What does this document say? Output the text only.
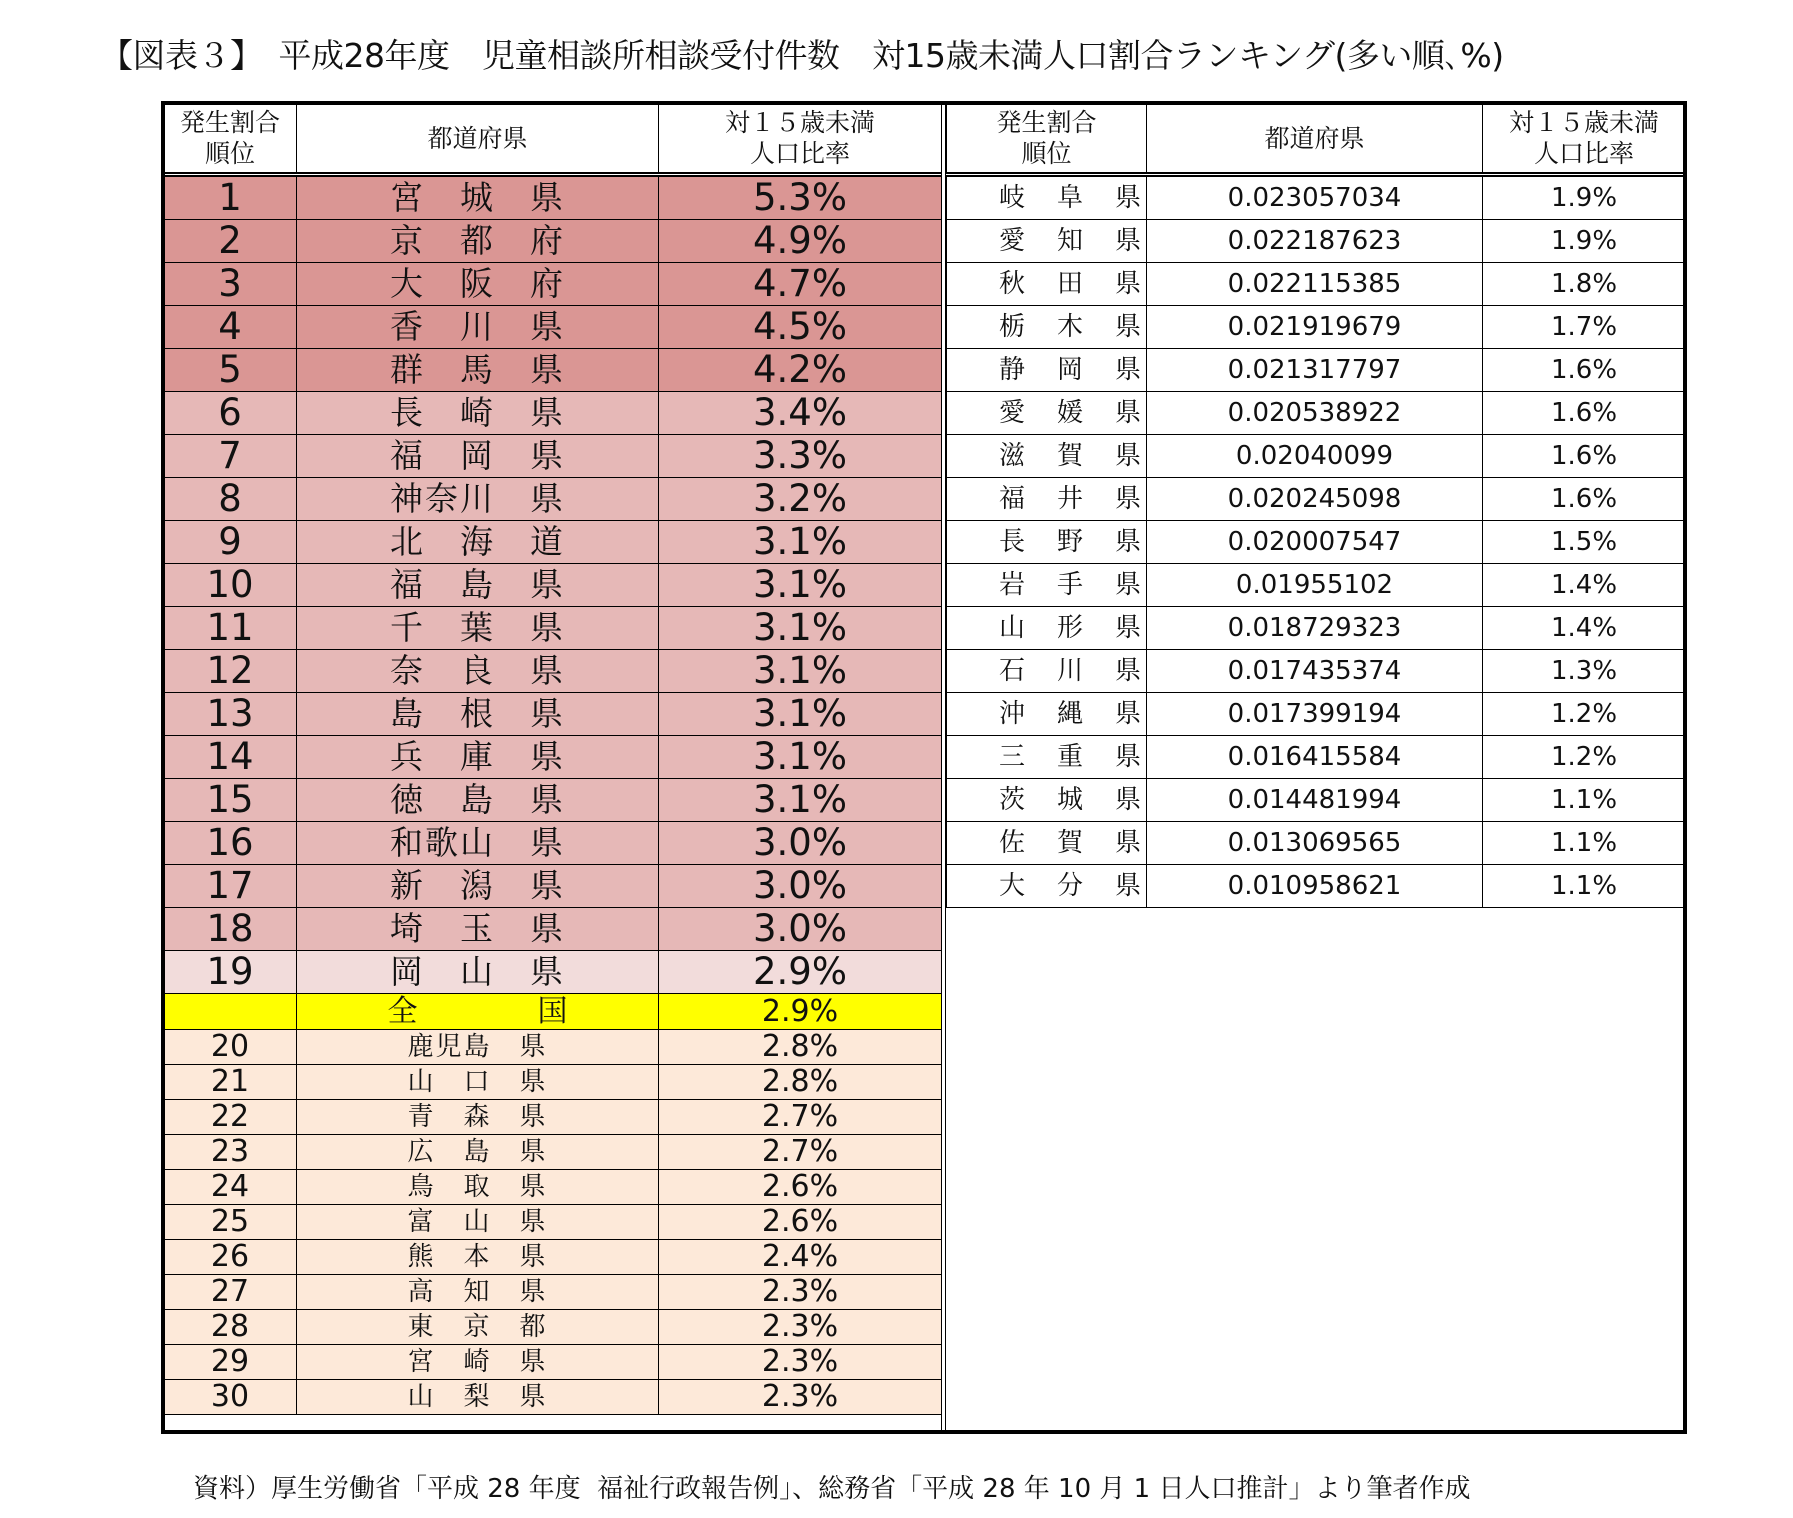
【図表３】　平成28年度　児童相談所相談受付件数　対15歳未満人口割合ランキング(多い順､%)
発生割合
順位	都道府県	対１５歳未満
人口比率
1	宮　城　県	5.3%
2	京　都　府	4.9%
3	大　阪　府	4.7%
4	香　川　県	4.5%
5	群　馬　県	4.2%
6	長　崎　県	3.4%
7	福　岡　県	3.3%
8	神奈川　県	3.2%
9	北　海　道	3.1%
10	福　島　県	3.1%
11	千　葉　県	3.1%
12	奈　良　県	3.1%
13	島　根　県	3.1%
14	兵　庫　県	3.1%
15	徳　島　県	3.1%
16	和歌山　県	3.0%
17	新　潟　県	3.0%
18	埼　玉　県	3.0%
19	岡　山　県	2.9%
	全　　　　国	2.9%
20	鹿児島　県	2.8%
21	山　口　県	2.8%
22	青　森　県	2.7%
23	広　島　県	2.7%
24	鳥　取　県	2.6%
25	富　山　県	2.6%
26	熊　本　県	2.4%
27	高　知　県	2.3%
28	東　京　都	2.3%
29	宮　崎　県	2.3%
30	山　梨　県	2.3%
発生割合
順位	都道府県	対１５歳未満
人口比率
岐　阜　県	0.023057034	1.9%
愛　知　県	0.022187623	1.9%
秋　田　県	0.022115385	1.8%
栃　木　県	0.021919679	1.7%
静　岡　県	0.021317797	1.6%
愛　媛　県	0.020538922	1.6%
滋　賀　県	0.02040099	1.6%
福　井　県	0.020245098	1.6%
長　野　県	0.020007547	1.5%
岩　手　県	0.01955102	1.4%
山　形　県	0.018729323	1.4%
石　川　県	0.017435374	1.3%
沖　縄　県	0.017399194	1.2%
三　重　県	0.016415584	1.2%
茨　城　県	0.014481994	1.1%
佐　賀　県	0.013069565	1.1%
大　分　県	0.010958621	1.1%
資料）厚生労働省「平成 28 年度  福祉行政報告例」、総務省「平成 28 年 10 月 1 日人口推計」より筆者作成
